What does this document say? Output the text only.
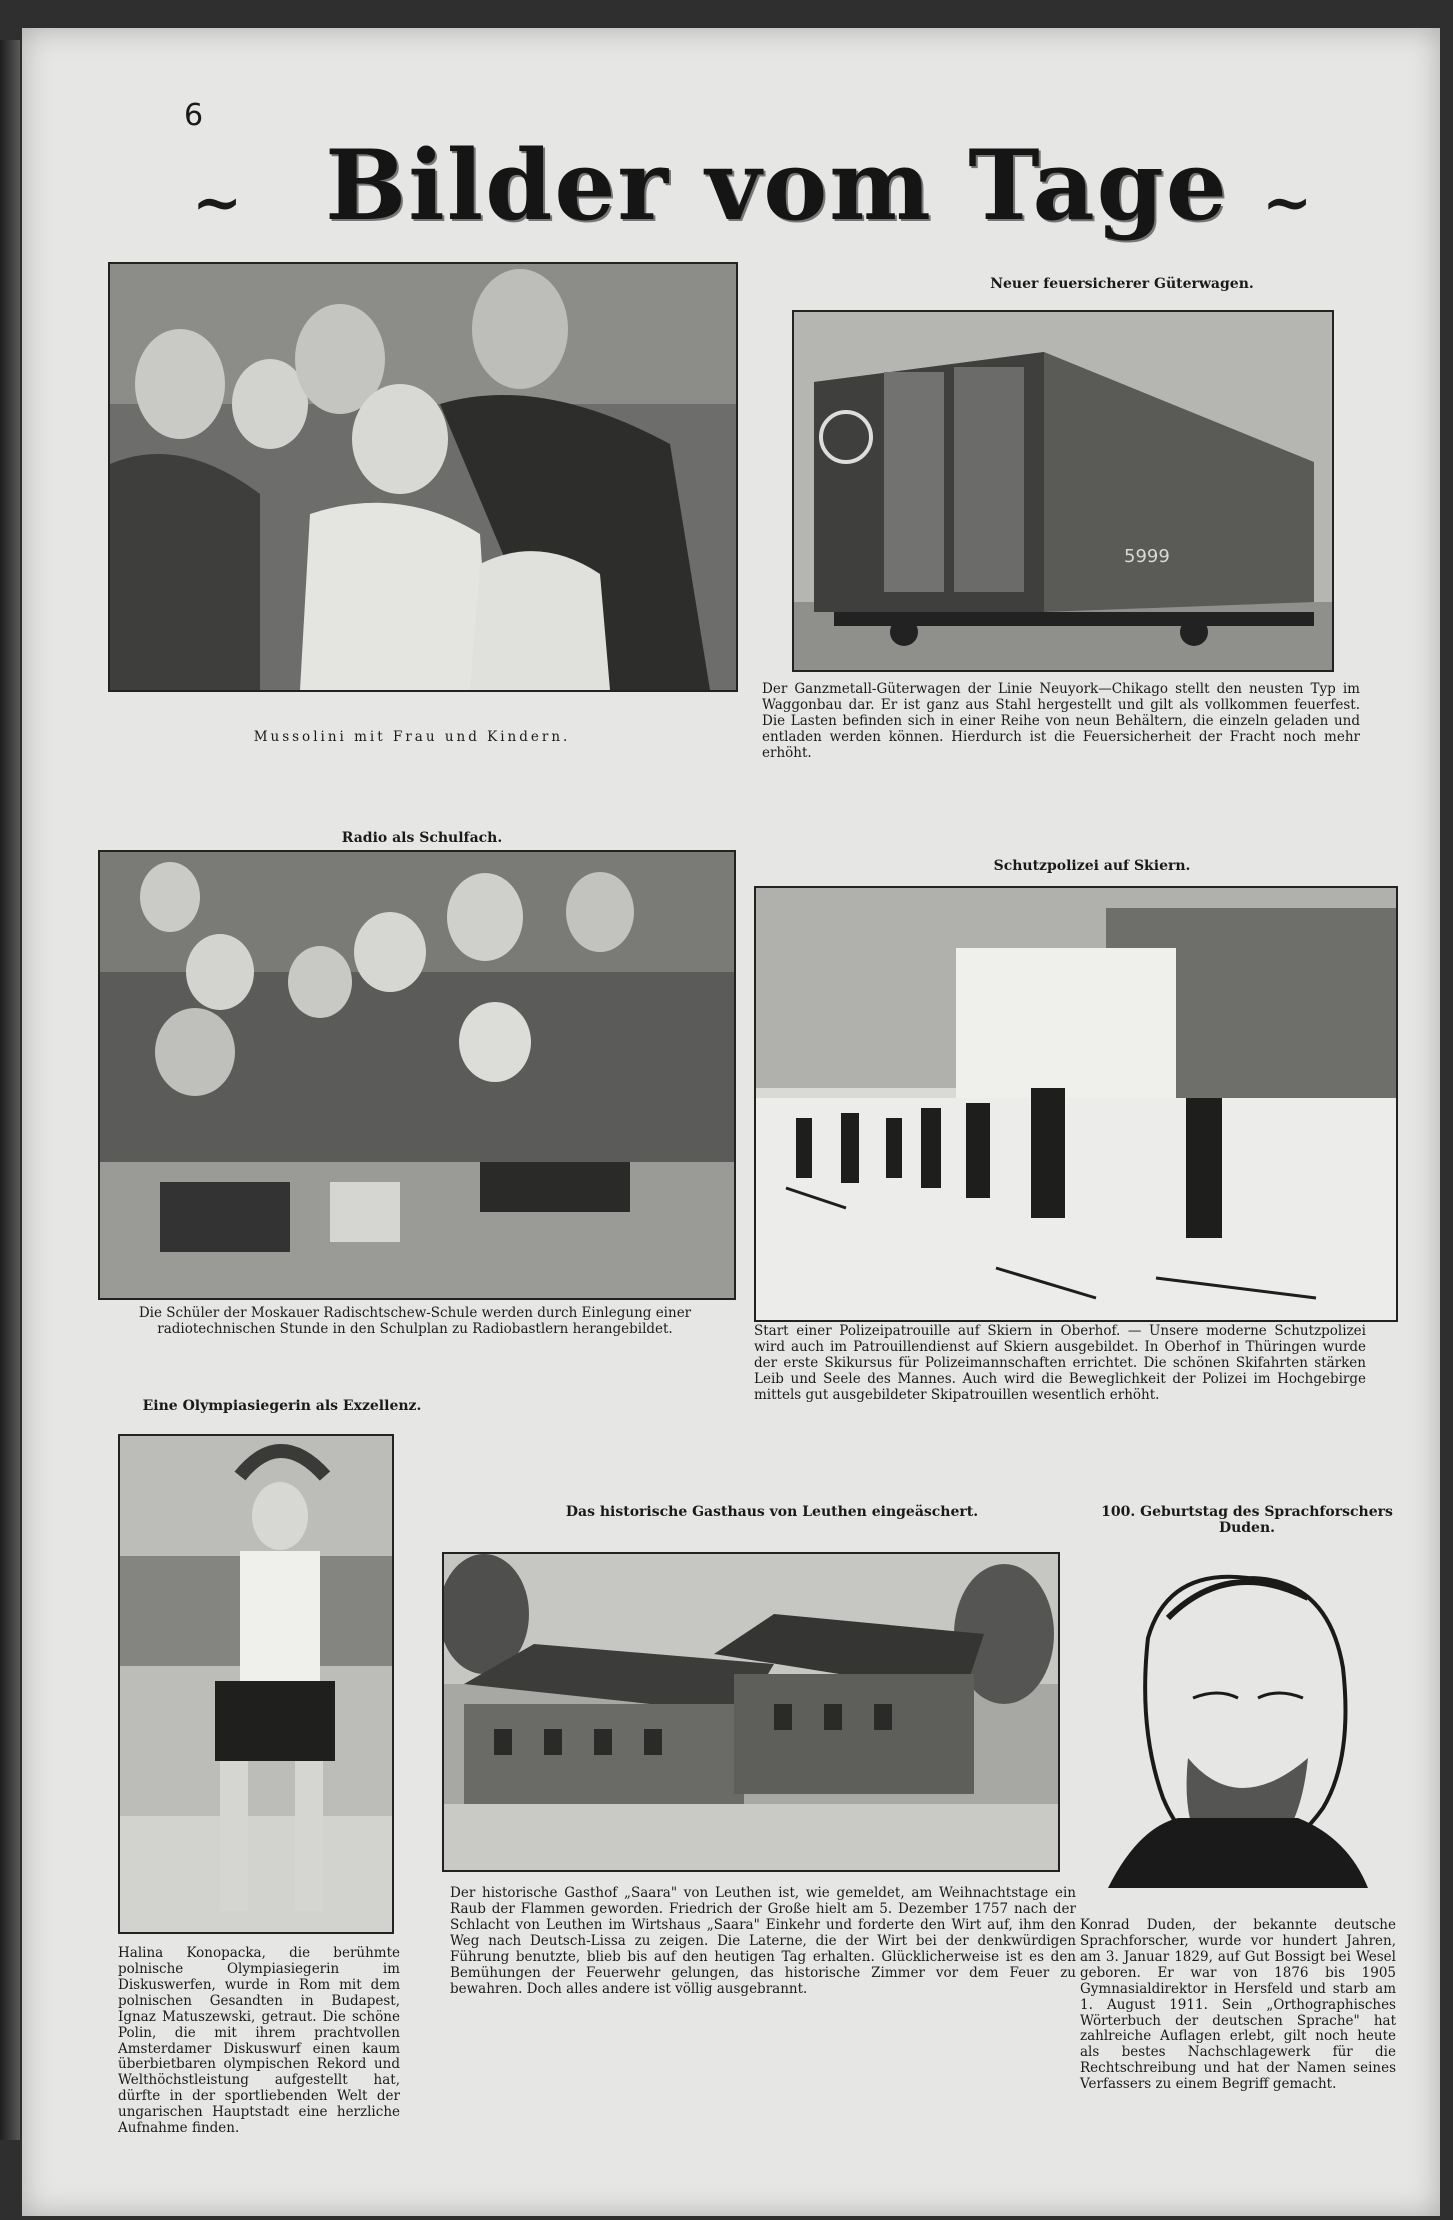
6
~ Bilder vom Tage ~
Mussolini mit Frau und Kindern.
Neuer feuersicherer Güterwagen.
5999
Der Ganzmetall-Güterwagen der Linie Neuyork—Chikago stellt den neusten Typ im Waggonbau dar. Er ist ganz aus Stahl hergestellt und gilt als vollkommen feuerfest. Die Lasten befinden sich in einer Reihe von neun Behältern, die einzeln geladen und entladen werden können. Hierdurch ist die Feuersicherheit der Fracht noch mehr erhöht.
Radio als Schulfach.
Die Schüler der Moskauer Radischtschew-Schule werden durch Einlegung einer radiotechnischen Stunde in den Schulplan zu Radiobastlern herangebildet.
Schutzpolizei auf Skiern.
Start einer Polizeipatrouille auf Skiern in Oberhof. — Unsere moderne Schutzpolizei wird auch im Patrouillendienst auf Skiern ausgebildet. In Oberhof in Thüringen wurde der erste Skikursus für Polizeimannschaften errichtet. Die schönen Skifahrten stärken Leib und Seele des Mannes. Auch wird die Beweglichkeit der Polizei im Hochgebirge mittels gut ausgebildeter Skipatrouillen wesentlich erhöht.
Eine Olympiasiegerin als Exzellenz.
Halina Konopacka, die berühmte polnische Olympiasiegerin im Diskuswerfen, wurde in Rom mit dem polnischen Gesandten in Budapest, Ignaz Matuszewski, getraut. Die schöne Polin, die mit ihrem prachtvollen Amsterdamer Diskuswurf einen kaum überbietbaren olympischen Rekord und Welthöchstleistung aufgestellt hat, dürfte in der sportliebenden Welt der ungarischen Hauptstadt eine herzliche Aufnahme finden.
Das historische Gasthaus von Leuthen eingeäschert.
Der historische Gasthof „Saara" von Leuthen ist, wie gemeldet, am Weihnachtstage ein Raub der Flammen geworden. Friedrich der Große hielt am 5. Dezember 1757 nach der Schlacht von Leuthen im Wirtshaus „Saara" Einkehr und forderte den Wirt auf, ihm den Weg nach Deutsch-Lissa zu zeigen. Die Laterne, die der Wirt bei der denkwürdigen Führung benutzte, blieb bis auf den heutigen Tag erhalten. Glücklicherweise ist es den Bemühungen der Feuerwehr gelungen, das historische Zimmer vor dem Feuer zu bewahren. Doch alles andere ist völlig ausgebrannt.
100. Geburtstag des Sprachforschers Duden.
Konrad Duden, der bekannte deutsche Sprachforscher, wurde vor hundert Jahren, am 3. Januar 1829, auf Gut Bossigt bei Wesel geboren. Er war von 1876 bis 1905 Gymnasialdirektor in Hersfeld und starb am 1. August 1911. Sein „Orthographisches Wörterbuch der deutschen Sprache" hat zahlreiche Auflagen erlebt, gilt noch heute als bestes Nachschlagewerk für die Rechtschreibung und hat der Namen seines Verfassers zu einem Begriff gemacht.
